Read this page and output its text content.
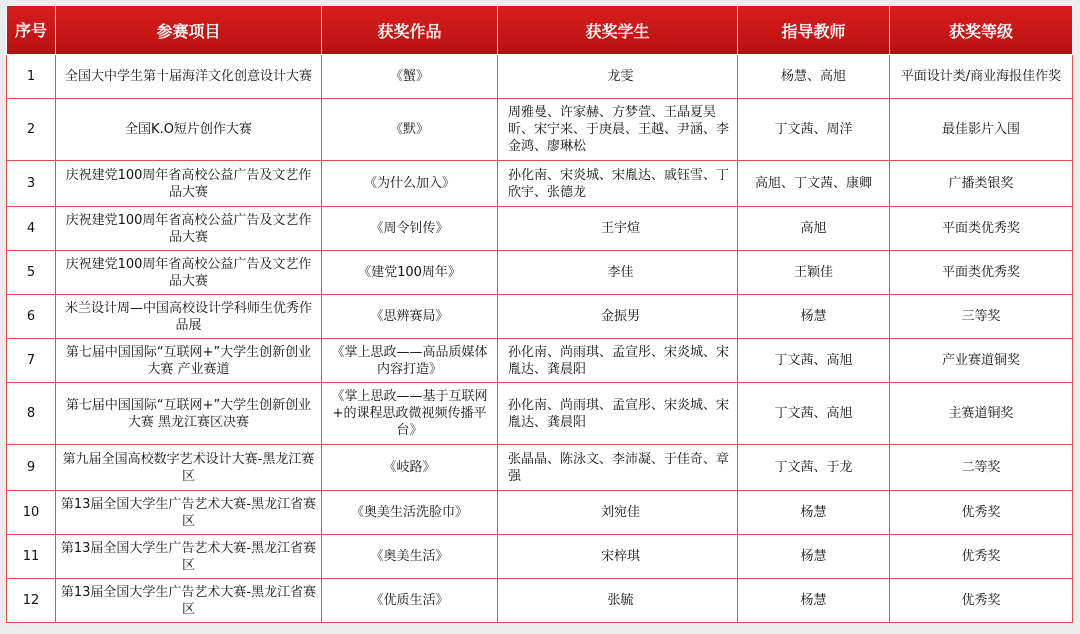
序号	参赛项目	获奖作品	获奖学生	指导教师	获奖等级
1	全国大中学生第十届海洋文化创意设计大赛	《蟹》	龙雯	杨慧、高旭	平面设计类/商业海报佳作奖
2	全国K.O短片创作大赛	《默》	周雅曼、许家赫、方梦萱、王晶夏昊昕、宋宁来、于庚晨、王越、尹涵、李金鸿、廖琳松	丁文茜、周洋	最佳影片入围
3	庆祝建党100周年省高校公益广告及文艺作品大赛	《为什么加入》	孙化南、宋炎城、宋胤达、戚钰雪、丁欣宇、张德龙	高旭、丁文茜、康卿	广播类银奖
4	庆祝建党100周年省高校公益广告及文艺作品大赛	《周令钊传》	王宇煊	高旭	平面类优秀奖
5	庆祝建党100周年省高校公益广告及文艺作品大赛	《建党100周年》	李佳	王颖佳	平面类优秀奖
6	米兰设计周—中国高校设计学科师生优秀作品展	《思辨赛局》	金振男	杨慧	三等奖
7	第七届中国国际“互联网+”大学生创新创业大赛 产业赛道	《掌上思政——高品质媒体内容打造》	孙化南、尚雨琪、孟宣彤、宋炎城、宋胤达、龚晨阳	丁文茜、高旭	产业赛道铜奖
8	第七届中国国际“互联网+”大学生创新创业大赛 黑龙江赛区决赛	《掌上思政——基于互联网+的课程思政微视频传播平台》	孙化南、尚雨琪、孟宣彤、宋炎城、宋胤达、龚晨阳	丁文茜、高旭	主赛道铜奖
9	第九届全国高校数字艺术设计大赛-黑龙江赛区	《岐路》	张晶晶、陈泳文、李沛凝、于佳奇、章强	丁文茜、于龙	二等奖
10	第13届全国大学生广告艺术大赛-黑龙江省赛区	《奥美生活洗脸巾》	刘宛佳	杨慧	优秀奖
11	第13届全国大学生广告艺术大赛-黑龙江省赛区	《奥美生活》	宋梓琪	杨慧	优秀奖
12	第13届全国大学生广告艺术大赛-黑龙江省赛区	《优质生活》	张毓	杨慧	优秀奖
